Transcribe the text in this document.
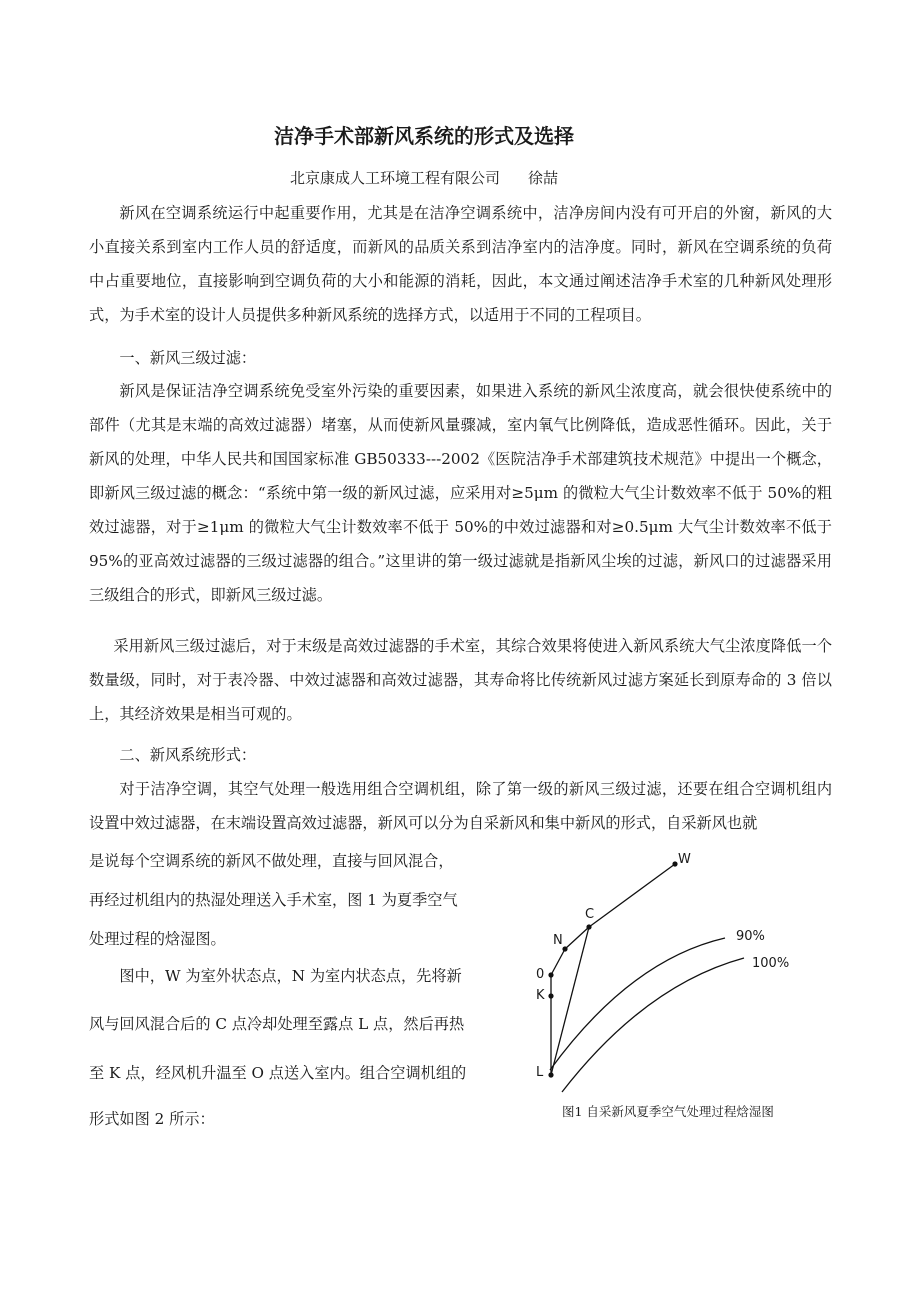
洁净手术部新风系统的形式及选择
北京康成人工环境工程有限公司 徐喆

新风在空调系统运行中起重要作用，尤其是在洁净空调系统中，洁净房间内没有可开启的外窗，新风的大小直接关系到室内工作人员的舒适度，而新风的品质关系到洁净室内的洁净度。同时，新风在空调系统的负荷中占重要地位，直接影响到空调负荷的大小和能源的消耗，因此，本文通过阐述洁净手术室的几种新风处理形式，为手术室的设计人员提供多种新风系统的选择方式，以适用于不同的工程项目。

一、新风三级过滤：

新风是保证洁净空调系统免受室外污染的重要因素，如果进入系统的新风尘浓度高，就会很快使系统中的部件（尤其是末端的高效过滤器）堵塞，从而使新风量骤减，室内氧气比例降低，造成恶性循环。因此，关于新风的处理，中华人民共和国国家标准 GB50333---2002《医院洁净手术部建筑技术规范》中提出一个概念，即新风三级过滤的概念：“系统中第一级的新风过滤，应采用对≥5μm 的微粒大气尘计数效率不低于 50%的粗效过滤器，对于≥1μm 的微粒大气尘计数效率不低于 50%的中效过滤器和对≥0.5μm 大气尘计数效率不低于 95%的亚高效过滤器的三级过滤器的组合。”这里讲的第一级过滤就是指新风尘埃的过滤，新风口的过滤器采用三级组合的形式，即新风三级过滤。

采用新风三级过滤后，对于末级是高效过滤器的手术室，其综合效果将使进入新风系统大气尘浓度降低一个数量级，同时，对于表冷器、中效过滤器和高效过滤器，其寿命将比传统新风过滤方案延长到原寿命的 3 倍以上，其经济效果是相当可观的。

二、新风系统形式：

对于洁净空调，其空气处理一般选用组合空调机组，除了第一级的新风三级过滤，还要在组合空调机组内设置中效过滤器，在末端设置高效过滤器，新风可以分为自采新风和集中新风的形式，自采新风也就

是说每个空调系统的新风不做处理，直接与回风混合，

再经过机组内的热湿处理送入手术室，图 1 为夏季空气

处理过程的焓湿图。

图中，W 为室外状态点，N 为室内状态点，先将新

风与回风混合后的 C 点冷却处理至露点 L 点，然后再热

至 K 点，经风机升温至 O 点送入室内。组合空调机组的

形式如图 2 所示：

W
C
N
0
K
L
90%
100%
图1 自采新风夏季空气处理过程焓湿图
